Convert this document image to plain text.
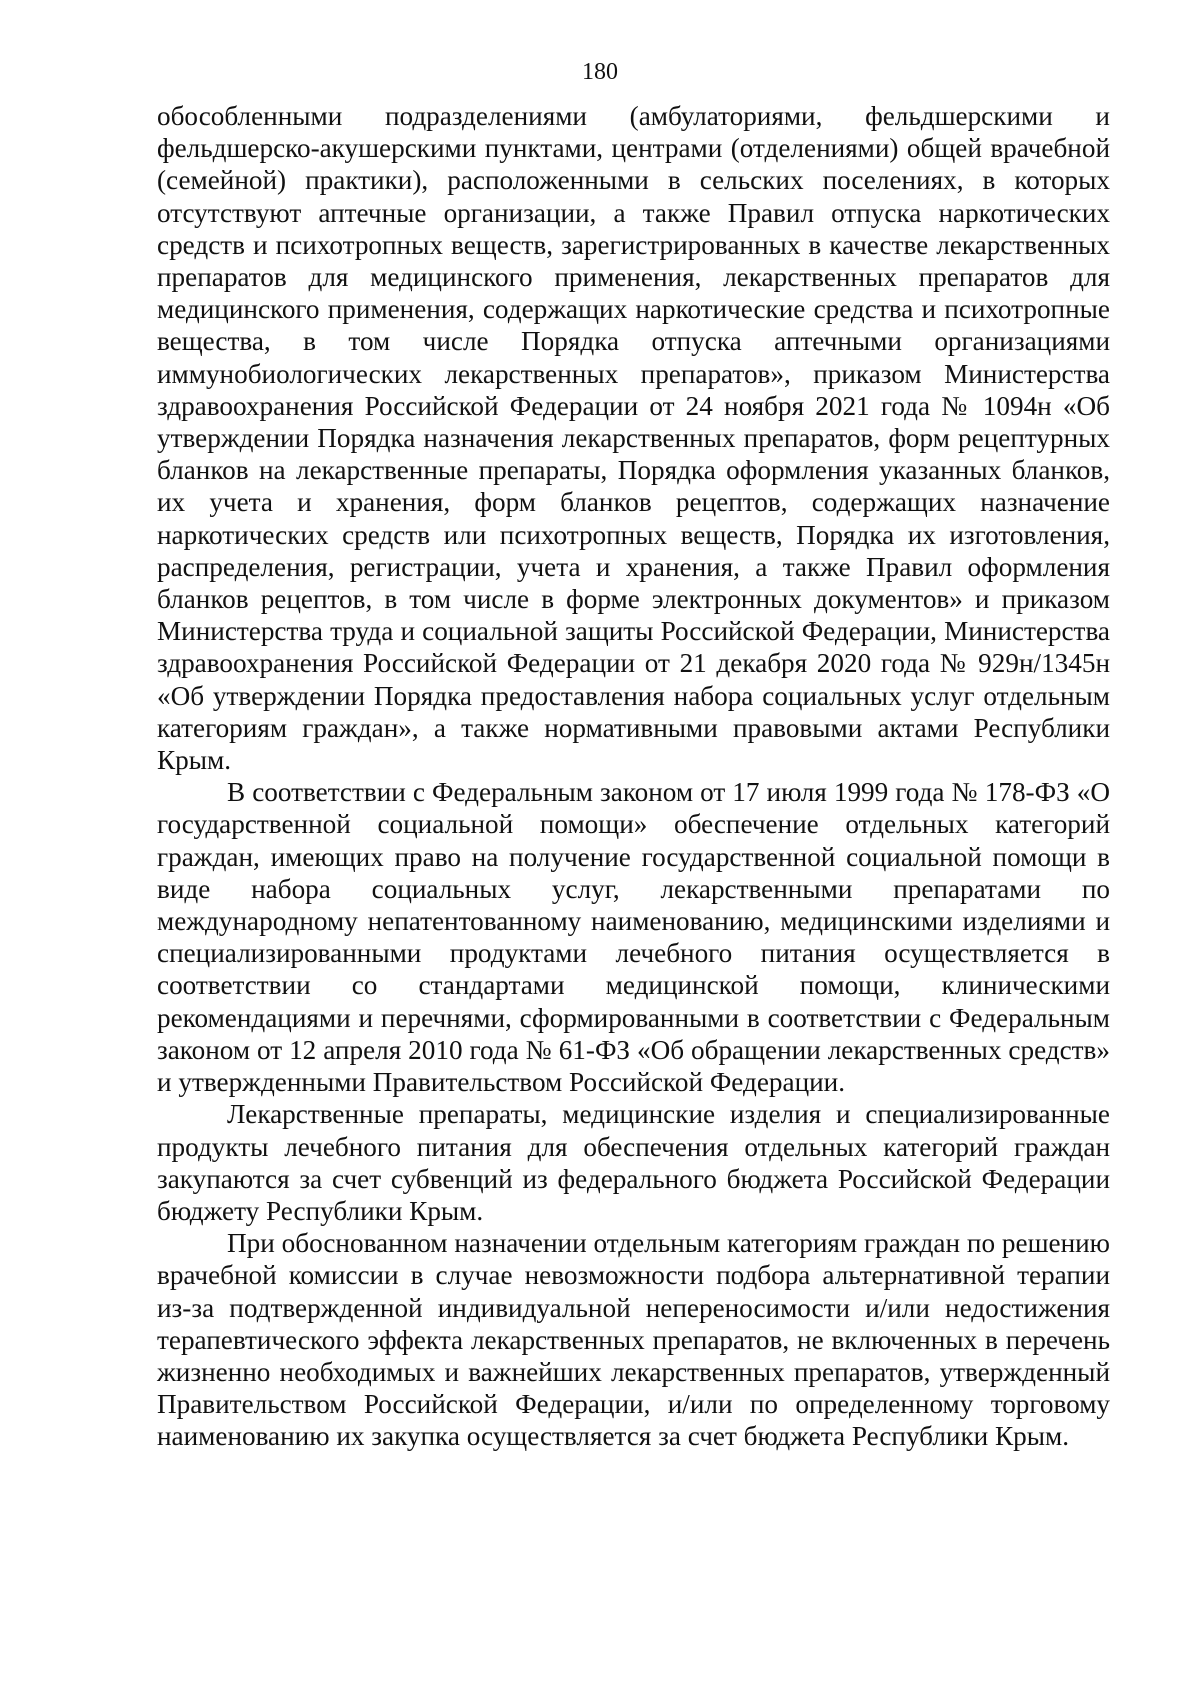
180

обособленными подразделениями (амбулаториями, фельдшерскими и фельдшерско-акушерскими пунктами, центрами (отделениями) общей врачебной (семейной) практики), расположенными в сельских поселениях, в которых отсутствуют аптечные организации, а также Правил отпуска наркотических средств и психотропных веществ, зарегистрированных в качестве лекарственных препаратов для медицинского применения, лекарственных препаратов для медицинского применения, содержащих наркотические средства и психотропные вещества, в том числе Порядка отпуска аптечными организациями иммунобиологических лекарственных препаратов», приказом Министерства здравоохранения Российской Федерации от 24 ноября 2021 года № 1094н «Об утверждении Порядка назначения лекарственных препаратов, форм рецептурных бланков на лекарственные препараты, Порядка оформления указанных бланков, их учета и хранения, форм бланков рецептов, содержащих назначение наркотических средств или психотропных веществ, Порядка их изготовления, распределения, регистрации, учета и хранения, а также Правил оформления бланков рецептов, в том числе в форме электронных документов» и приказом Министерства труда и социальной защиты Российской Федерации, Министерства здравоохранения Российской Федерации от 21 декабря 2020 года № 929н/1345н «Об утверждении Порядка предоставления набора социальных услуг отдельным категориям граждан», а также нормативными правовыми актами Республики Крым.

В соответствии с Федеральным законом от 17 июля 1999 года № 178-ФЗ «О государственной социальной помощи» обеспечение отдельных категорий граждан, имеющих право на получение государственной социальной помощи в виде набора социальных услуг, лекарственными препаратами по международному непатентованному наименованию, медицинскими изделиями и специализированными продуктами лечебного питания осуществляется в соответствии со стандартами медицинской помощи, клиническими рекомендациями и перечнями, сформированными в соответствии с Федеральным законом от 12 апреля 2010 года № 61-ФЗ «Об обращении лекарственных средств» и утвержденными Правительством Российской Федерации.

Лекарственные препараты, медицинские изделия и специализированные продукты лечебного питания для обеспечения отдельных категорий граждан закупаются за счет субвенций из федерального бюджета Российской Федерации бюджету Республики Крым.

При обоснованном назначении отдельным категориям граждан по решению врачебной комиссии в случае невозможности подбора альтернативной терапии из-за подтвержденной индивидуальной непереносимости и/или недостижения терапевтического эффекта лекарственных препаратов, не включенных в перечень жизненно необходимых и важнейших лекарственных препаратов, утвержденный Правительством Российской Федерации, и/или по определенному торговому наименованию их закупка осуществляется за счет бюджета Республики Крым.
